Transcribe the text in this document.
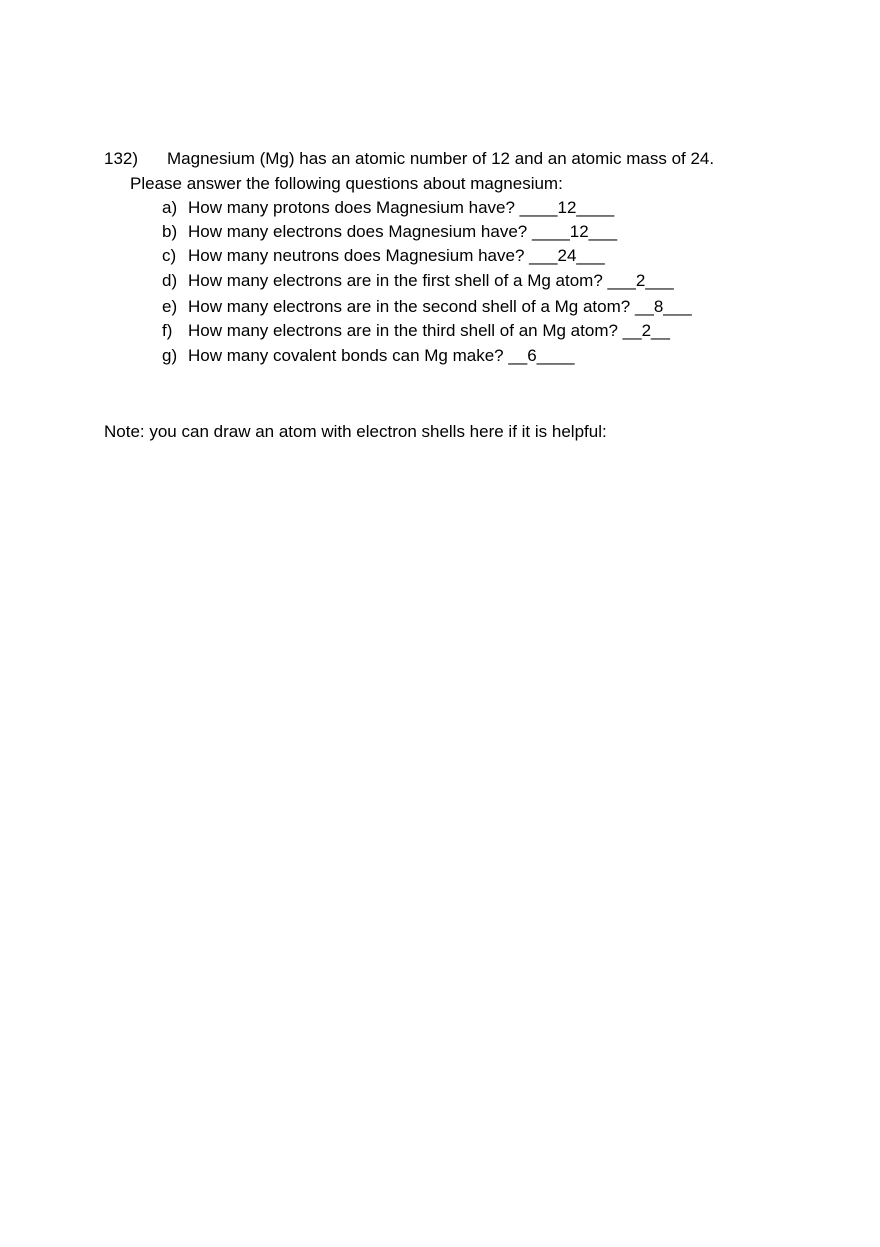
132) Magnesium (Mg) has an atomic number of 12 and an atomic mass of 24.
Please answer the following questions about magnesium:
a) How many protons does Magnesium have? ____12____
b) How many electrons does Magnesium have? ____12___
c) How many neutrons does Magnesium have? ___24___
d) How many electrons are in the first shell of a Mg atom? ___2___
e) How many electrons are in the second shell of a Mg atom? __8___
f) How many electrons are in the third shell of an Mg atom? __2__
g) How many covalent bonds can Mg make? __6____
Note: you can draw an atom with electron shells here if it is helpful:
